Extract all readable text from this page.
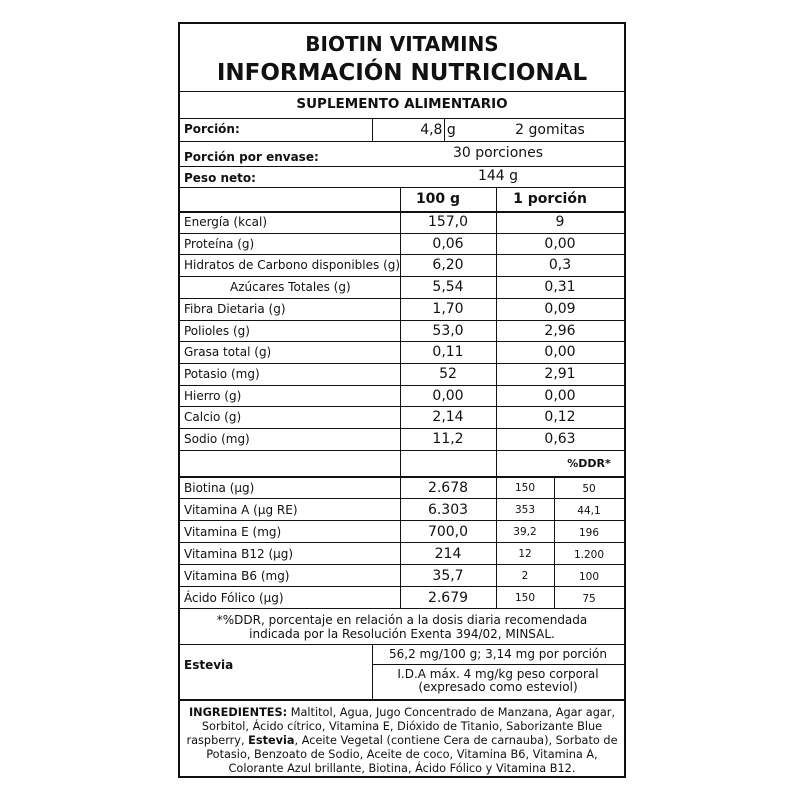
BIOTIN VITAMINS
INFORMACIÓN NUTRICIONAL
SUPLEMENTO ALIMENTARIO
Porción:	4,8 g	2 gomitas
Porción por envase:	30 porciones
Peso neto:	144 g
100 g	1 porción
Energía (kcal)	157,0	9
Proteína (g)	0,06	0,00
Hidratos de Carbono disponibles (g)	6,20	0,3
Azúcares Totales (g)	5,54	0,31
Fibra Dietaria (g)	1,70	0,09
Polioles (g)	53,0	2,96
Grasa total (g)	0,11	0,00
Potasio (mg)	52	2,91
Hierro (g)	0,00	0,00
Calcio (g)	2,14	0,12
Sodio (mg)	11,2	0,63
%DDR*
Biotina (µg)	2.678	150	50
Vitamina A (µg RE)	6.303	353	44,1
Vitamina E (mg)	700,0	39,2	196
Vitamina B12 (µg)	214	12	1.200
Vitamina B6 (mg)	35,7	2	100
Ácido Fólico (µg)	2.679	150	75
*%DDR, porcentaje en relación a la dosis diaria recomendada
indicada por la Resolución Exenta 394/02, MINSAL.
Estevia
56,2 mg/100 g; 3,14 mg por porción
I.D.A máx. 4 mg/kg peso corporal
(expresado como esteviol)
INGREDIENTES: Maltitol, Agua, Jugo Concentrado de Manzana, Agar agar, Sorbitol, Ácido cítrico, Vitamina E, Dióxido de Titanio, Saborizante Blue raspberry, Estevia, Aceite Vegetal (contiene Cera de carnauba), Sorbato de Potasio, Benzoato de Sodio, Aceite de coco, Vitamina B6, Vitamina A, Colorante Azul brillante, Biotina, Ácido Fólico y Vitamina B12.
